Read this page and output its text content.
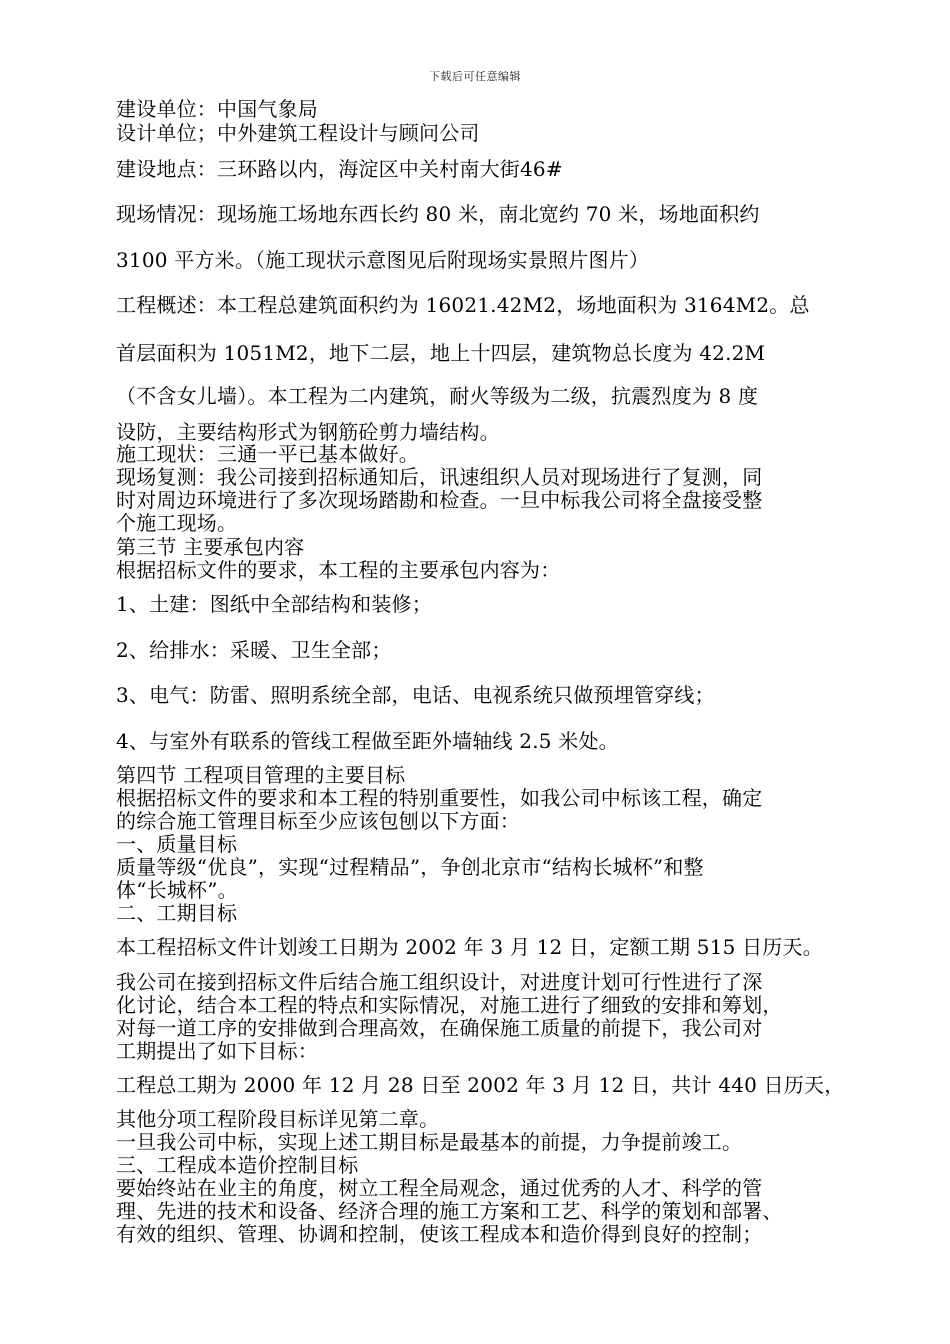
下载后可任意编辑
建设单位：中国气象局
设计单位；中外建筑工程设计与顾问公司
建设地点：三环路以内，海淀区中关村南大街46#
现场情况：现场施工场地东西长约 80 米，南北宽约 70 米，场地面积约
3100 平方米。（施工现状示意图见后附现场实景照片图片）
工程概述：本工程总建筑面积约为 16021.42M2，场地面积为 3164M2。总
首层面积为 1051M2，地下二层，地上十四层，建筑物总长度为 42.2M
（不含女儿墙）。本工程为二内建筑，耐火等级为二级，抗震烈度为 8 度
设防，主要结构形式为钢筋砼剪力墙结构。
施工现状：三通一平已基本做好。
现场复测：我公司接到招标通知后，讯速组织人员对现场进行了复测，同
时对周边环境进行了多次现场踏勘和检查。一旦中标我公司将全盘接受整
个施工现场。
第三节 主要承包内容
根据招标文件的要求，本工程的主要承包内容为：
1、土建：图纸中全部结构和装修；
2、给排水：采暖、卫生全部；
3、电气：防雷、照明系统全部，电话、电视系统只做预埋管穿线；
4、与室外有联系的管线工程做至距外墙轴线 2.5 米处。
第四节 工程项目管理的主要目标
根据招标文件的要求和本工程的特别重要性，如我公司中标该工程，确定
的综合施工管理目标至少应该包刨以下方面：
一、质量目标
质量等级“优良”，实现“过程精品”，争创北京市“结构长城杯”和整
体“长城杯”。
二、工期目标
本工程招标文件计划竣工日期为 2002 年 3 月 12 日，定额工期 515 日历天。
我公司在接到招标文件后结合施工组织设计，对进度计划可行性进行了深
化讨论，结合本工程的特点和实际情况，对施工进行了细致的安排和筹划，
对每一道工序的安排做到合理高效，在确保施工质量的前提下，我公司对
工期提出了如下目标：
工程总工期为 2000 年 12 月 28 日至 2002 年 3 月 12 日，共计 440 日历天，
其他分项工程阶段目标详见第二章。
一旦我公司中标，实现上述工期目标是最基本的前提，力争提前竣工。
三、工程成本造价控制目标
要始终站在业主的角度，树立工程全局观念，通过优秀的人才、科学的管
理、先进的技术和设备、经济合理的施工方案和工艺、科学的策划和部署、
有效的组织、管理、协调和控制，使该工程成本和造价得到良好的控制；
